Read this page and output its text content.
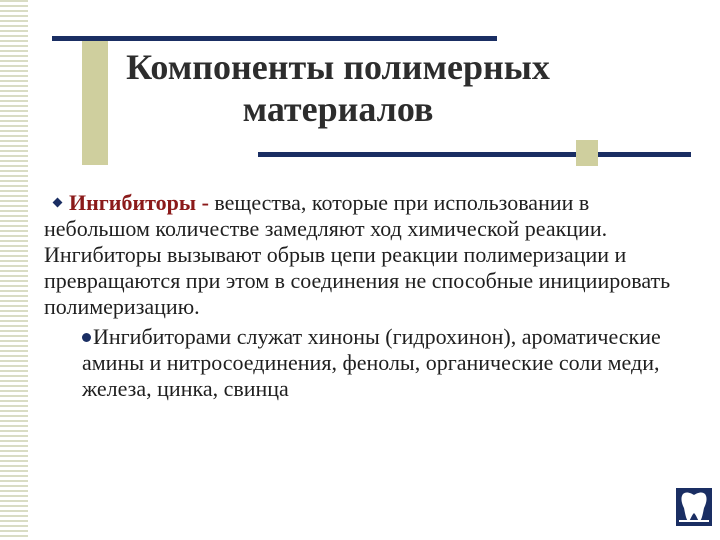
Компоненты полимерных материалов

Ингибиторы - вещества, которые при использовании в небольшом количестве замедляют ход химической реакции. Ингибиторы вызывают обрыв цепи реакции полимеризации и превращаются при этом в соединения не способные инициировать полимеризацию.

Ингибиторами служат хиноны (гидрохинон), ароматические амины и нитросоединения, фенолы, органические соли меди, железа, цинка, свинца
